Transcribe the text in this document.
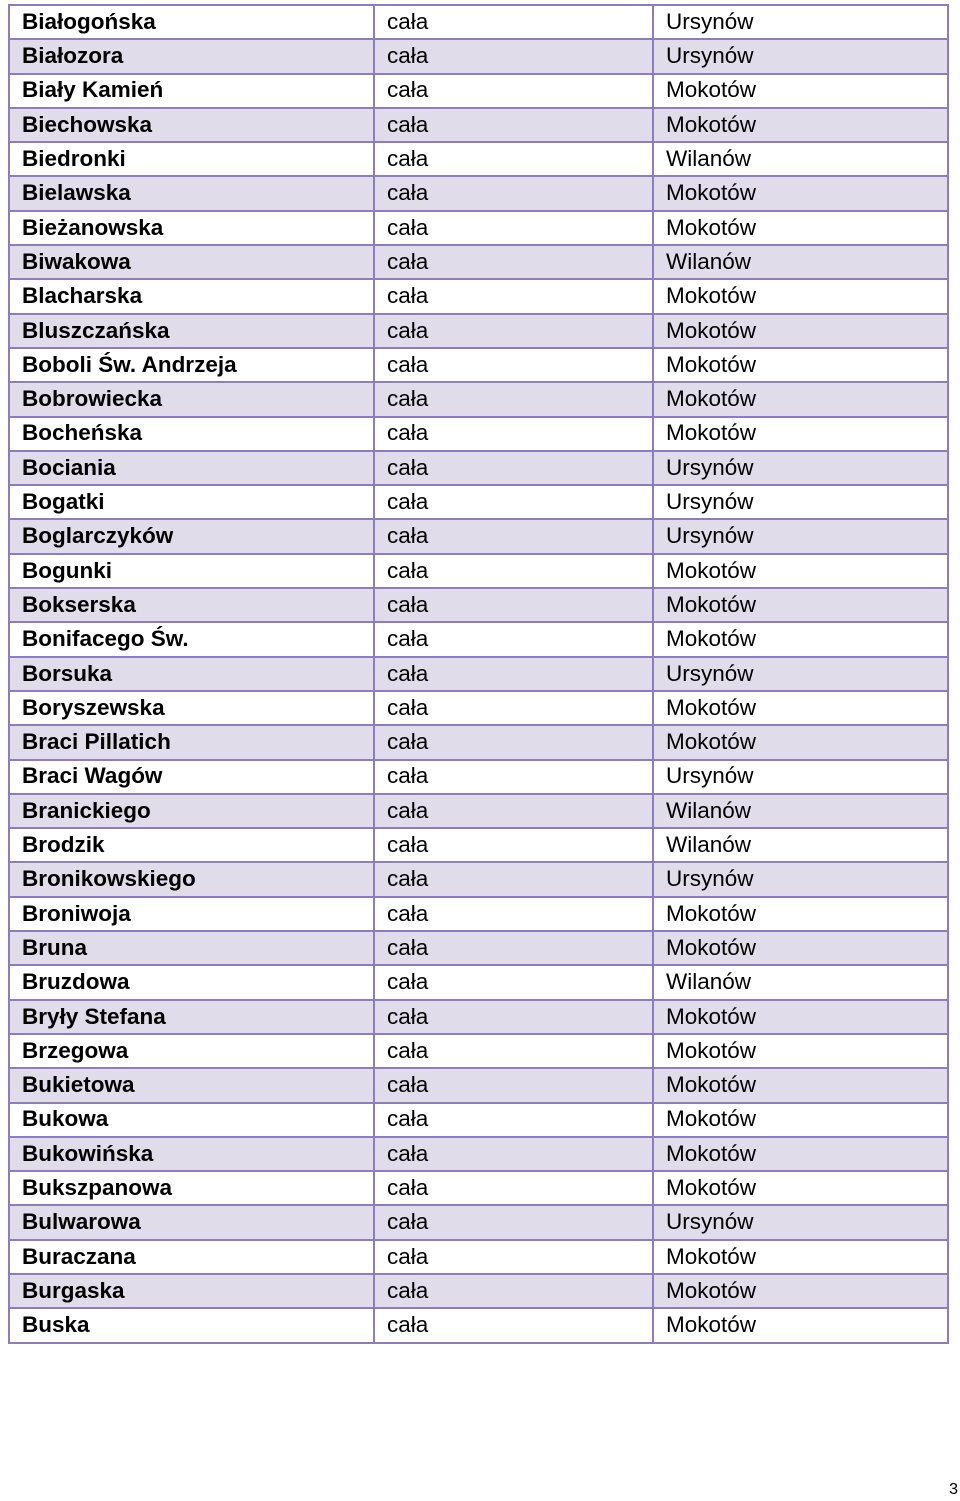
Białogońska	cała	Ursynów
Białozora	cała	Ursynów
Biały Kamień	cała	Mokotów
Biechowska	cała	Mokotów
Biedronki	cała	Wilanów
Bielawska	cała	Mokotów
Bieżanowska	cała	Mokotów
Biwakowa	cała	Wilanów
Blacharska	cała	Mokotów
Bluszczańska	cała	Mokotów
Boboli Św. Andrzeja	cała	Mokotów
Bobrowiecka	cała	Mokotów
Bocheńska	cała	Mokotów
Bociania	cała	Ursynów
Bogatki	cała	Ursynów
Boglarczyków	cała	Ursynów
Bogunki	cała	Mokotów
Bokserska	cała	Mokotów
Bonifacego Św.	cała	Mokotów
Borsuka	cała	Ursynów
Boryszewska	cała	Mokotów
Braci Pillatich	cała	Mokotów
Braci Wagów	cała	Ursynów
Branickiego	cała	Wilanów
Brodzik	cała	Wilanów
Bronikowskiego	cała	Ursynów
Broniwoja	cała	Mokotów
Bruna	cała	Mokotów
Bruzdowa	cała	Wilanów
Bryły Stefana	cała	Mokotów
Brzegowa	cała	Mokotów
Bukietowa	cała	Mokotów
Bukowa	cała	Mokotów
Bukowińska	cała	Mokotów
Bukszpanowa	cała	Mokotów
Bulwarowa	cała	Ursynów
Buraczana	cała	Mokotów
Burgaska	cała	Mokotów
Buska	cała	Mokotów
3
